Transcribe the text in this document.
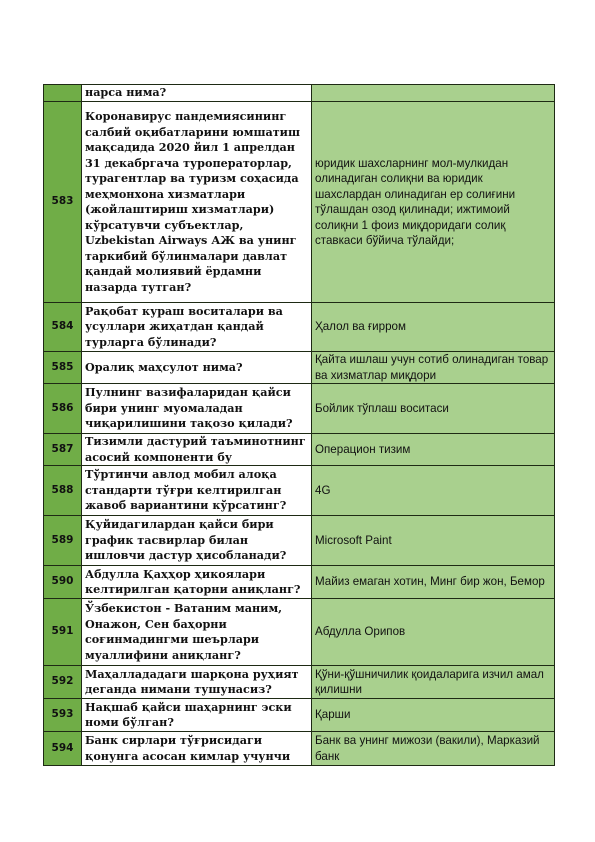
	нарса нима?	
583	Коронавирус пандемиясининг салбий оқибатларини юмшатиш мақсадида 2020 йил 1 апрелдан 31 декабргача туроператорлар, турагентлар ва туризм соҳасида меҳмонхона хизматлари (жойлаштириш хизматлари) кўрсатувчи субъектлар, Uzbekistan Airways АЖ ва унинг таркибий бўлинмалари давлат қандай молиявий ёрдамни назарда тутган?	юридик шахсларнинг мол-мулкидан олинадиган солиқни ва юридик шахслардан олинадиган ер солиғини тўлашдан озод қилинади; ижтимоий солиқни 1 фоиз миқдоридаги солиқ ставкаси бўйича тўлайди;
584	Рақобат кураш воситалари ва усуллари жиҳатдан қандай турларга бўлинади?	Ҳалол ва ғирром
585	Оралиқ маҳсулот нима?	Қайта ишлаш учун сотиб олинадиган товар ва хизматлар миқдори
586	Пулнинг вазифаларидан қайси бири унинг муомаладан чиқарилишини тақозо қилади?	Бойлик тўплаш воситаси
587	Тизимли дастурий таъминотнинг асосий компоненти бу	Операцион тизим
588	Тўртинчи авлод мобил алоқа стандарти тўғри келтирилган жавоб вариантини кўрсатинг?	4G
589	Қуйидагилардан қайси бири график тасвирлар билан ишловчи дастур ҳисобланади?	Microsoft Paint
590	Абдулла Қаҳҳор ҳикоялари келтирилган қаторни аниқланг?	Майиз емаган хотин, Минг бир жон, Бемор
591	Ўзбекистон - Ватаним маним, Онажон, Сен баҳорни соғинмадингми шеърлари муаллифини аниқланг?	Абдулла Орипов
592	Маҳаллададаги шарқона руҳият деганда нимани тушунасиз?	Қўни-қўшничилик қоидаларига изчил амал қилишни
593	Нақшаб қайси шаҳарнинг эски номи бўлган?	Қарши
594	Банк сирлари тўғрисидаги қонунга асосан кимлар учунчи	Банк ва унинг мижози (вакили), Марказий банк
